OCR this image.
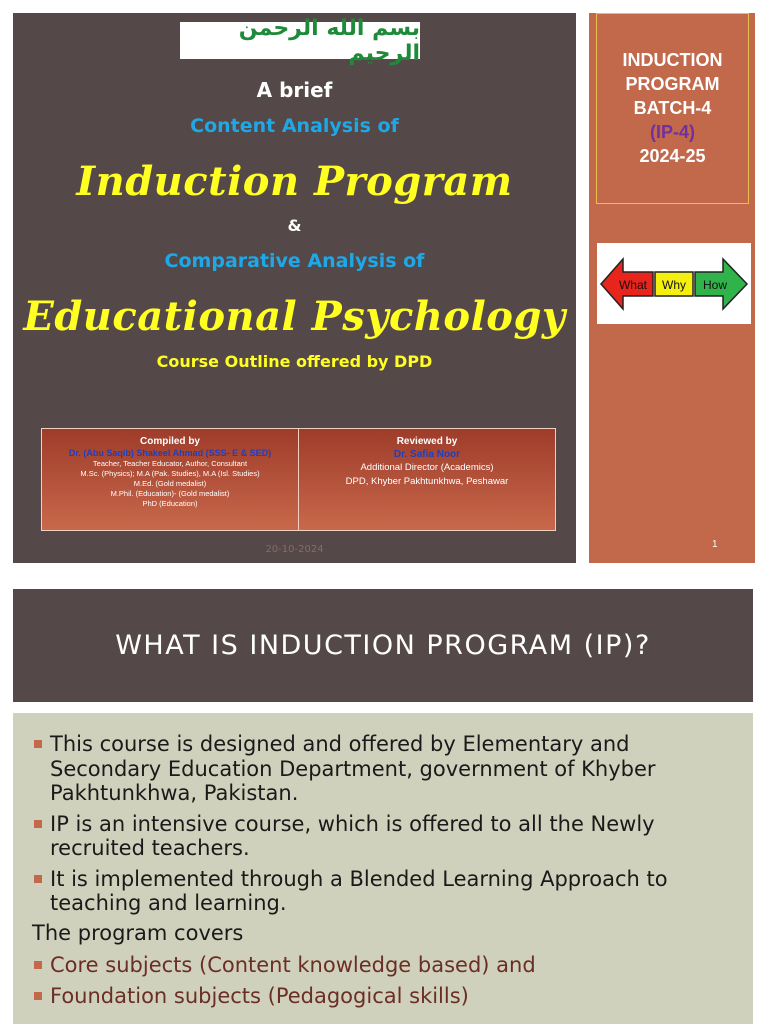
بسم الله الرحمن الرحيم
A brief
Content Analysis of
Induction Program
&
Comparative Analysis of
Educational Psychology
Course Outline offered by DPD
Compiled by
Dr. (Abu Saqib) Shakeel Ahmad (SSS- E & SED)
Teacher, Teacher Educator, Author, Consultant
M.Sc. (Physics); M.A (Pak. Studies), M.A (Isl. Studies)
M.Ed. (Gold medalist)
M.Phil. (Education)- (Gold medalist)
PhD (Education)
Reviewed by
Dr. Safia Noor
Additional Director (Academics)
DPD, Khyber Pakhtunkhwa, Peshawar
20-10-2024
INDUCTION
PROGRAM
BATCH-4
(IP-4)
2024-25
What Why How
1
WHAT IS INDUCTION PROGRAM (IP)?
This course is designed and offered by Elementary and Secondary Education Department, government of Khyber Pakhtunkhwa, Pakistan.
IP is an intensive course, which is offered to all the Newly recruited teachers.
It is implemented through a Blended Learning Approach to teaching and learning.
The program covers
Core subjects (Content knowledge based) and
Foundation subjects (Pedagogical skills)
